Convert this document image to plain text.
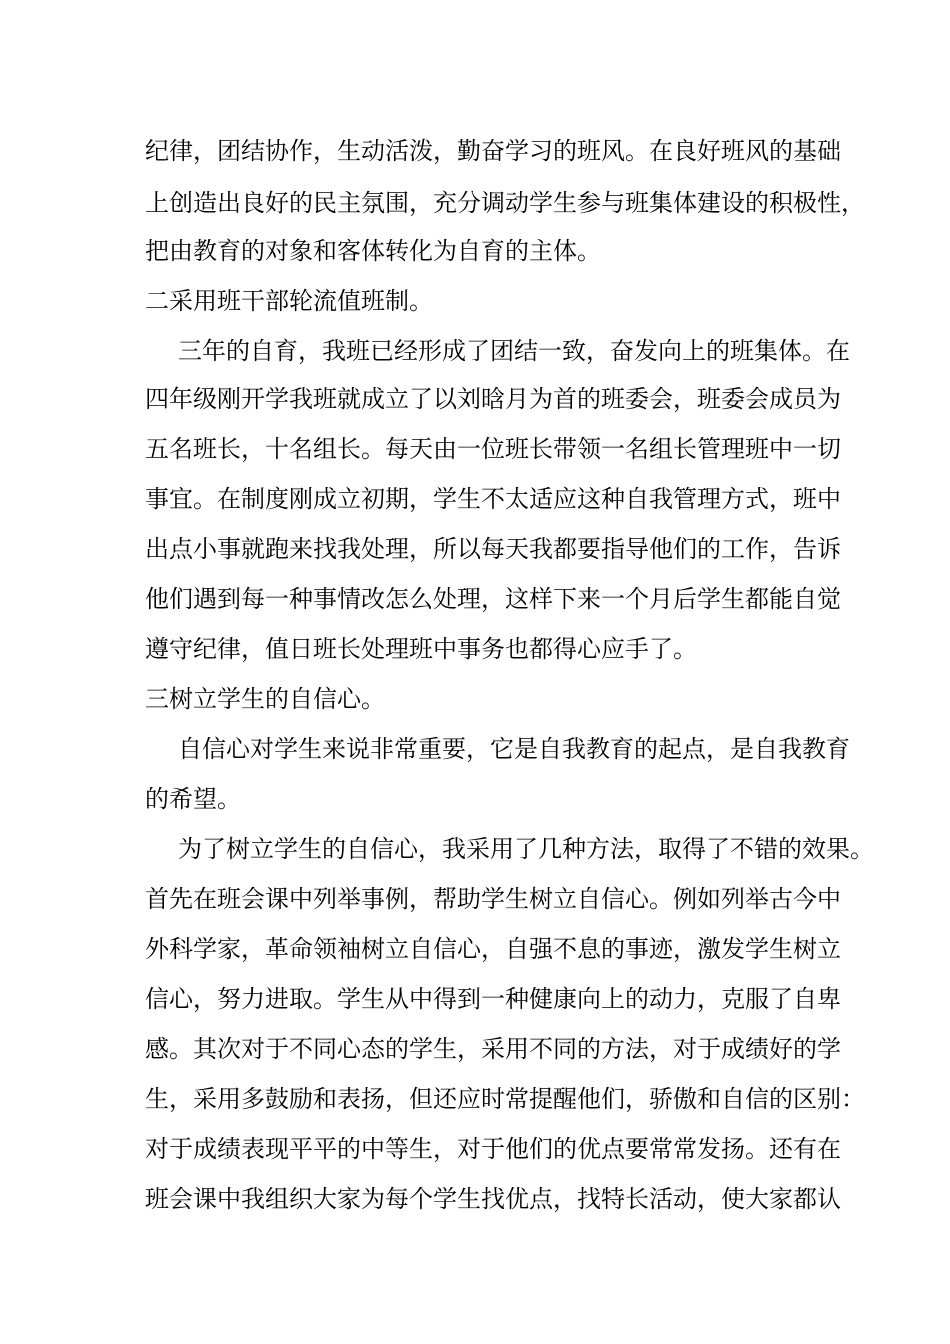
纪律，团结协作，生动活泼，勤奋学习的班风。在良好班风的基础
上创造出良好的民主氛围，充分调动学生参与班集体建设的积极性，
把由教育的对象和客体转化为自育的主体。
二采用班干部轮流值班制。
三年的自育，我班已经形成了团结一致，奋发向上的班集体。在
四年级刚开学我班就成立了以刘晗月为首的班委会，班委会成员为
五名班长，十名组长。每天由一位班长带领一名组长管理班中一切
事宜。在制度刚成立初期，学生不太适应这种自我管理方式，班中
出点小事就跑来找我处理，所以每天我都要指导他们的工作，告诉
他们遇到每一种事情改怎么处理，这样下来一个月后学生都能自觉
遵守纪律，值日班长处理班中事务也都得心应手了。
三树立学生的自信心。
自信心对学生来说非常重要，它是自我教育的起点，是自我教育
的希望。
为了树立学生的自信心，我采用了几种方法，取得了不错的效果。
首先在班会课中列举事例，帮助学生树立自信心。例如列举古今中
外科学家，革命领袖树立自信心，自强不息的事迹，激发学生树立
信心，努力进取。学生从中得到一种健康向上的动力，克服了自卑
感。其次对于不同心态的学生，采用不同的方法，对于成绩好的学
生，采用多鼓励和表扬，但还应时常提醒他们，骄傲和自信的区别：
对于成绩表现平平的中等生，对于他们的优点要常常发扬。还有在
班会课中我组织大家为每个学生找优点，找特长活动，使大家都认
